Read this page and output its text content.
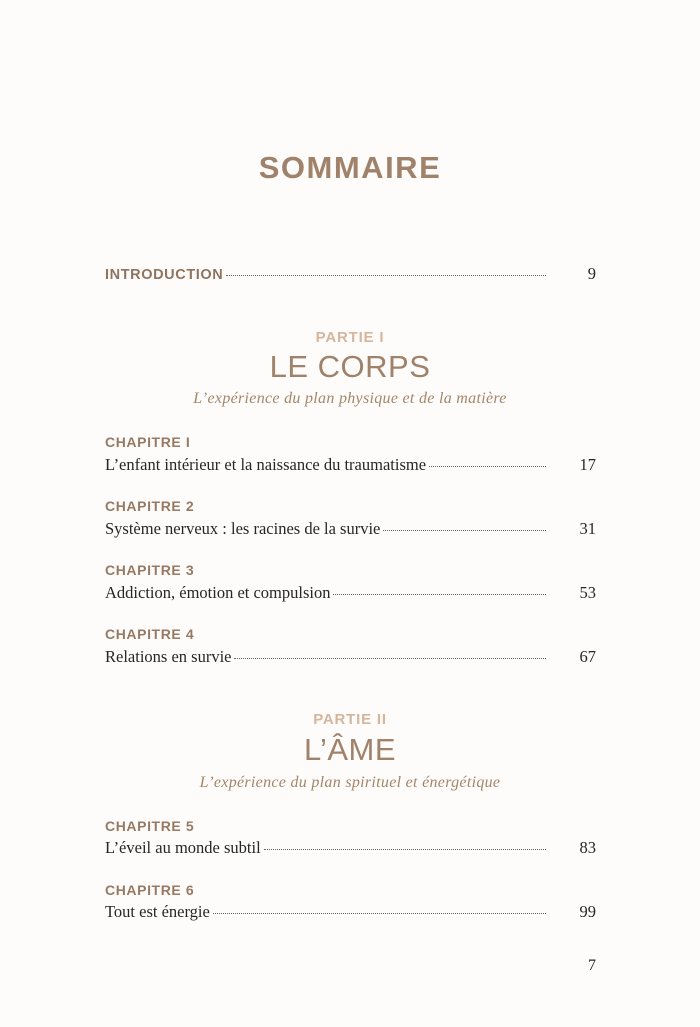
SOMMAIRE
INTRODUCTION	9
PARTIE I
LE CORPS
L’expérience du plan physique et de la matière
CHAPITRE I
L’enfant intérieur et la naissance du traumatisme	17
CHAPITRE 2
Système nerveux : les racines de la survie	31
CHAPITRE 3
Addiction, émotion et compulsion	53
CHAPITRE 4
Relations en survie	67
PARTIE II
L’ÂME
L’expérience du plan spirituel et énergétique
CHAPITRE 5
L’éveil au monde subtil	83
CHAPITRE 6
Tout est énergie	99
7
